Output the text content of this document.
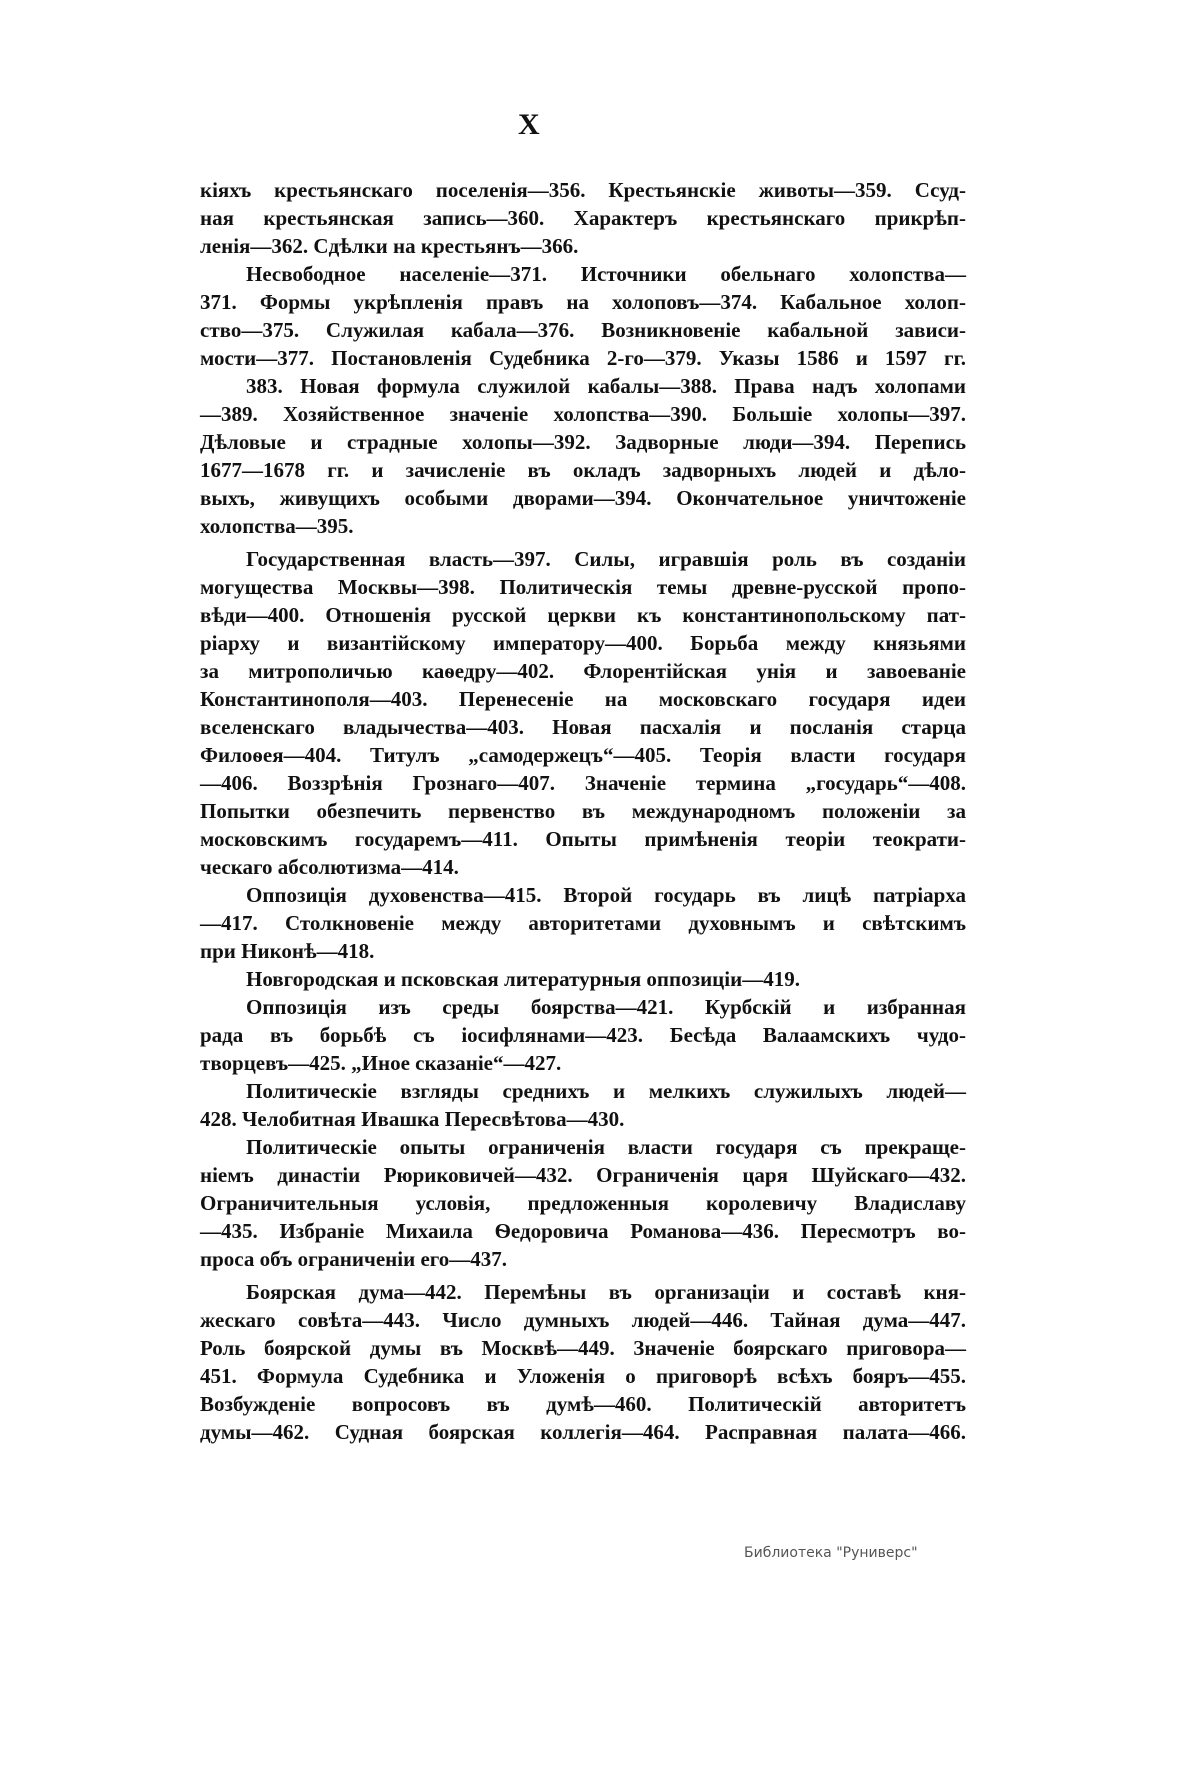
X
кіяхъ крестьянскаго поселенія—356. Крестьянскіе животы—359. Ссуд-
ная крестьянская запись—360. Характеръ крестьянскаго прикрѣп-
ленія—362. Сдѣлки на крестьянъ—366.
Несвободное населеніе—371. Источники обельнаго холопства—
371. Формы укрѣпленія правъ на холоповъ—374. Кабальное холоп-
ство—375. Служилая кабала—376. Возникновеніе кабальной зависи-
мости—377. Постановленія Судебника 2-го—379. Указы 1586 и 1597 гг.
383. Новая формула служилой кабалы—388. Права надъ холопами
—389. Хозяйственное значеніе холопства—390. Большіе холопы—397.
Дѣловые и страдные холопы—392. Задворные люди—394. Перепись
1677—1678 гг. и зачисленіе въ окладъ задворныхъ людей и дѣло-
выхъ, живущихъ особыми дворами—394. Окончательное уничтоженіе
холопства—395.
Государственная власть—397. Силы, игравшія роль въ созданіи
могущества Москвы—398. Политическія темы древне-русской пропо-
вѣди—400. Отношенія русской церкви къ константинопольскому пат-
ріарху и византійскому императору—400. Борьба между князьями
за митрополичью каѳедру—402. Флорентійская унія и завоеваніе
Константинополя—403. Перенесеніе на московскаго государя идеи
вселенскаго владычества—403. Новая пасхалія и посланія старца
Филоѳея—404. Титулъ „самодержецъ“—405. Теорія власти государя
—406. Воззрѣнія Грознаго—407. Значеніе термина „государь“—408.
Попытки обезпечить первенство въ международномъ положеніи за
московскимъ государемъ—411. Опыты примѣненія теоріи теократи-
ческаго абсолютизма—414.
Оппозиція духовенства—415. Второй государь въ лицѣ патріарха
—417. Столкновеніе между авторитетами духовнымъ и свѣтскимъ
при Никонѣ—418.
Новгородская и псковская литературныя оппозиціи—419.
Оппозиція изъ среды боярства—421. Курбскій и избранная
рада въ борьбѣ съ іосифлянами—423. Бесѣда Валаамскихъ чудо-
творцевъ—425. „Иное сказаніе“—427.
Политическіе взгляды среднихъ и мелкихъ служилыхъ людей—
428. Челобитная Ивашка Пересвѣтова—430.
Политическіе опыты ограниченія власти государя съ прекраще-
ніемъ династіи Рюриковичей—432. Ограниченія царя Шуйскаго—432.
Ограничительныя условія, предложенныя королевичу Владиславу
—435. Избраніе Михаила Ѳедоровича Романова—436. Пересмотръ во-
проса объ ограниченіи его—437.
Боярская дума—442. Перемѣны въ организаціи и составѣ кня-
жескаго совѣта—443. Число думныхъ людей—446. Тайная дума—447.
Роль боярской думы въ Москвѣ—449. Значеніе боярскаго приговора—
451. Формула Судебника и Уложенія о приговорѣ всѣхъ бояръ—455.
Возбужденіе вопросовъ въ думѣ—460. Политическій авторитетъ
думы—462. Судная боярская коллегія—464. Расправная палата—466.
Библиотека "Руниверс"
